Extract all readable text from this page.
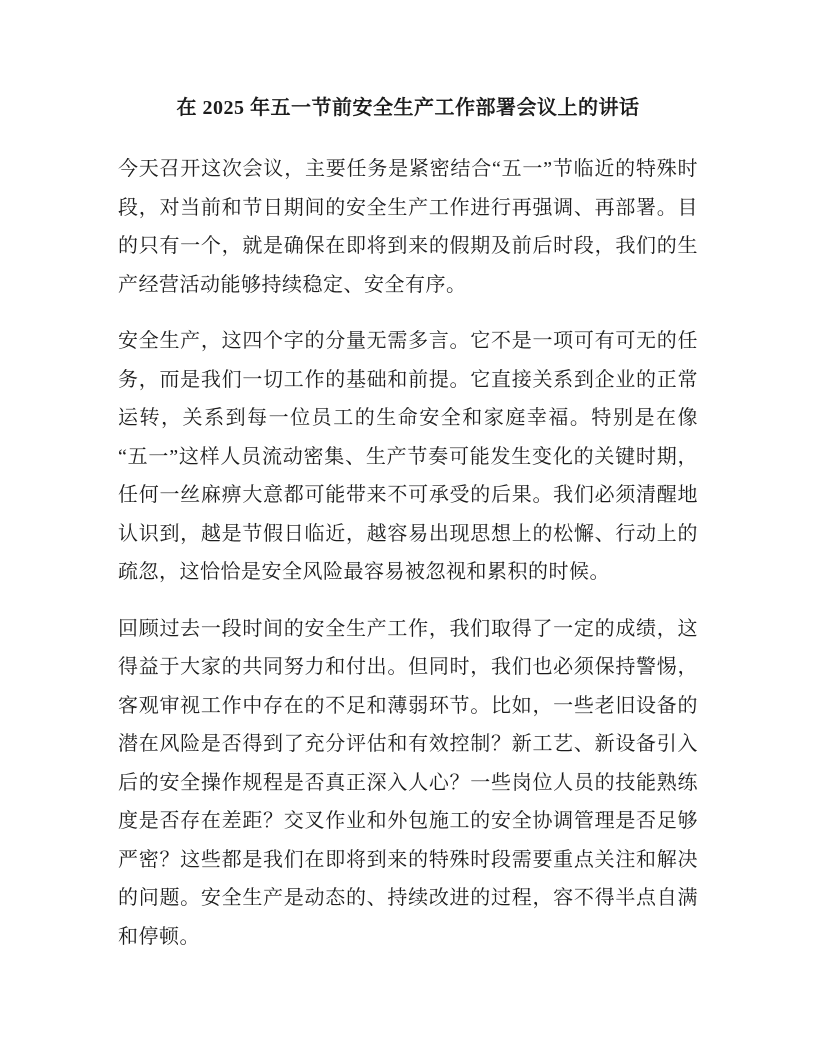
在 2025 年五一节前安全生产工作部署会议上的讲话

今天召开这次会议，主要任务是紧密结合“五一”节临近的特殊时段，对当前和节日期间的安全生产工作进行再强调、再部署。目的只有一个，就是确保在即将到来的假期及前后时段，我们的生产经营活动能够持续稳定、安全有序。

安全生产，这四个字的分量无需多言。它不是一项可有可无的任务，而是我们一切工作的基础和前提。它直接关系到企业的正常运转，关系到每一位员工的生命安全和家庭幸福。特别是在像“五一”这样人员流动密集、生产节奏可能发生变化的关键时期，任何一丝麻痹大意都可能带来不可承受的后果。我们必须清醒地认识到，越是节假日临近，越容易出现思想上的松懈、行动上的疏忽，这恰恰是安全风险最容易被忽视和累积的时候。

回顾过去一段时间的安全生产工作，我们取得了一定的成绩，这得益于大家的共同努力和付出。但同时，我们也必须保持警惕，客观审视工作中存在的不足和薄弱环节。比如，一些老旧设备的潜在风险是否得到了充分评估和有效控制？新工艺、新设备引入后的安全操作规程是否真正深入人心？一些岗位人员的技能熟练度是否存在差距？交叉作业和外包施工的安全协调管理是否足够严密？这些都是我们在即将到来的特殊时段需要重点关注和解决的问题。安全生产是动态的、持续改进的过程，容不得半点自满和停顿。
